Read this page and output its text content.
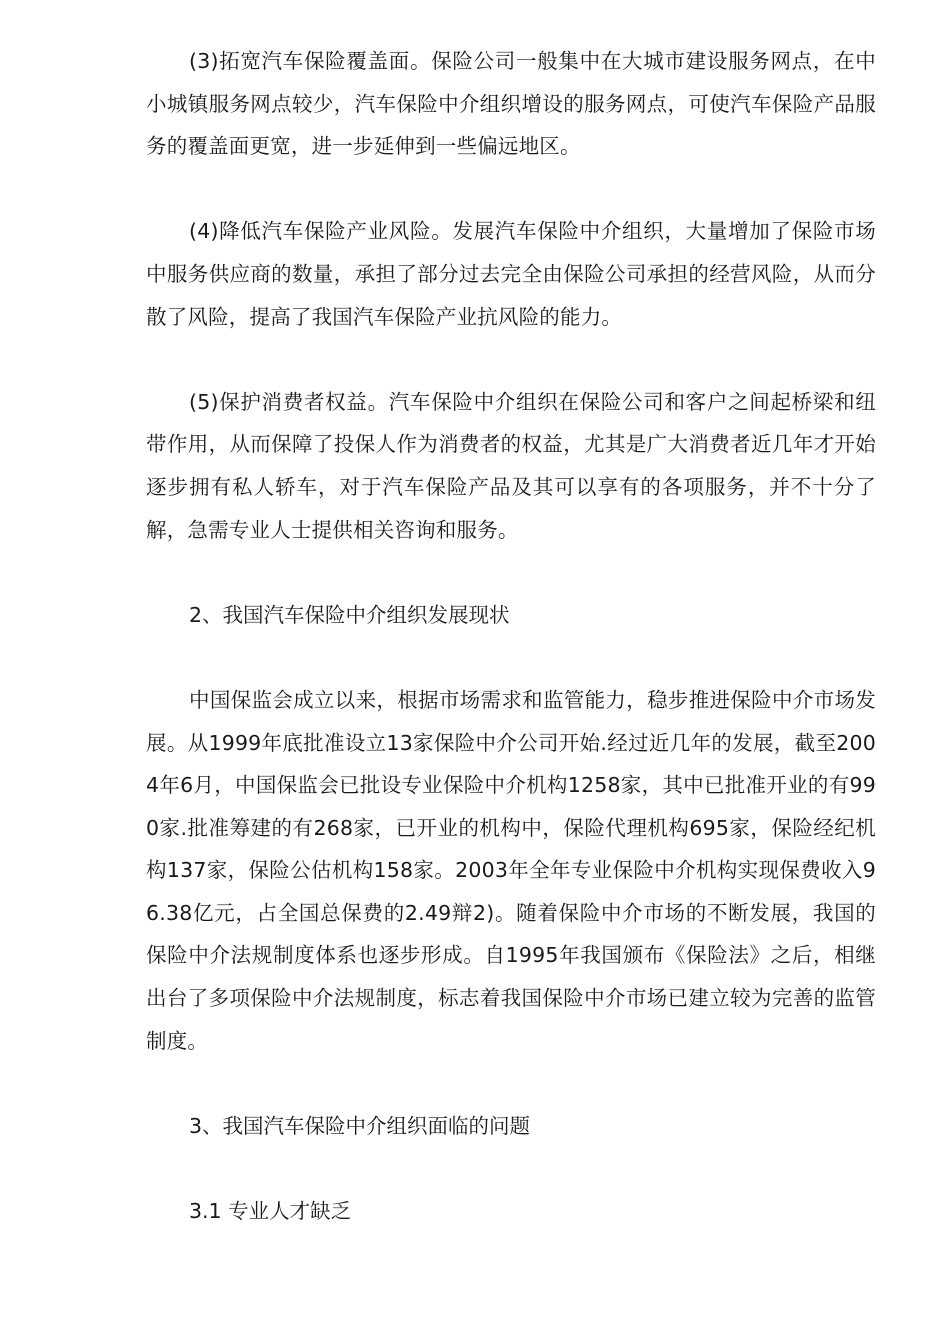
(3)拓宽汽车保险覆盖面。保险公司一般集中在大城市建设服务网点，在中小城镇服务网点较少，汽车保险中介组织增设的服务网点，可使汽车保险产品服务的覆盖面更宽，进一步延伸到一些偏远地区。

(4)降低汽车保险产业风险。发展汽车保险中介组织，大量增加了保险市场中服务供应商的数量，承担了部分过去完全由保险公司承担的经营风险，从而分散了风险，提高了我国汽车保险产业抗风险的能力。

(5)保护消费者权益。汽车保险中介组织在保险公司和客户之间起桥梁和纽带作用，从而保障了投保人作为消费者的权益，尤其是广大消费者近几年才开始逐步拥有私人轿车，对于汽车保险产品及其可以享有的各项服务，并不十分了解，急需专业人士提供相关咨询和服务。

2、我国汽车保险中介组织发展现状

中国保监会成立以来，根据市场需求和监管能力，稳步推进保险中介市场发展。从1999年底批准设立13家保险中介公司开始.经过近几年的发展，截至2004年6月，中国保监会已批设专业保险中介机构1258家，其中已批准开业的有990家.批准筹建的有268家，已开业的机构中，保险代理机构695家，保险经纪机构137家，保险公估机构158家。2003年全年专业保险中介机构实现保费收入96.38亿元，占全国总保费的2.49辩2)。随着保险中介市场的不断发展，我国的保险中介法规制度体系也逐步形成。自1995年我国颁布《保险法》之后，相继出台了多项保险中介法规制度，标志着我国保险中介市场已建立较为完善的监管制度。

3、我国汽车保险中介组织面临的问题

3.1 专业人才缺乏
